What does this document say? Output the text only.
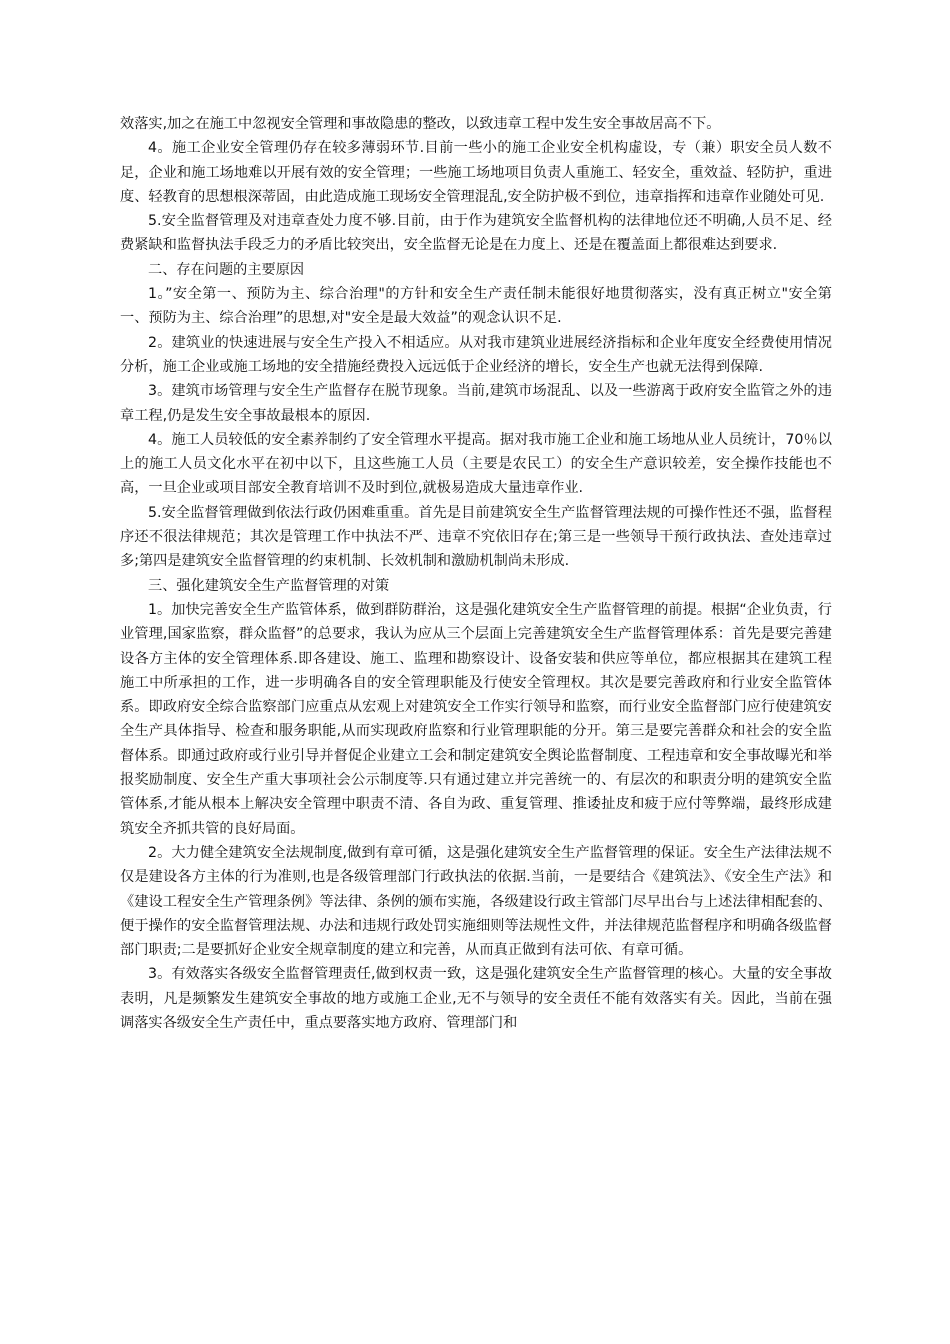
效落实,加之在施工中忽视安全管理和事故隐患的整改，以致违章工程中发生安全事故居高不下。

4。施工企业安全管理仍存在较多薄弱环节.目前一些小的施工企业安全机构虚设，专（兼）职安全员人数不足，企业和施工场地难以开展有效的安全管理；一些施工场地项目负责人重施工、轻安全，重效益、轻防护，重进度、轻教育的思想根深蒂固，由此造成施工现场安全管理混乱,安全防护极不到位，违章指挥和违章作业随处可见.

5.安全监督管理及对违章查处力度不够.目前，由于作为建筑安全监督机构的法律地位还不明确,人员不足、经费紧缺和监督执法手段乏力的矛盾比较突出，安全监督无论是在力度上、还是在覆盖面上都很难达到要求.

二、存在问题的主要原因

1。”安全第一、预防为主、综合治理"的方针和安全生产责任制未能很好地贯彻落实，没有真正树立"安全第一、预防为主、综合治理”的思想,对"安全是最大效益”的观念认识不足.

2。建筑业的快速进展与安全生产投入不相适应。从对我市建筑业进展经济指标和企业年度安全经费使用情况分析，施工企业或施工场地的安全措施经费投入远远低于企业经济的增长，安全生产也就无法得到保障.

3。建筑市场管理与安全生产监督存在脱节现象。当前,建筑市场混乱、以及一些游离于政府安全监管之外的违章工程,仍是发生安全事故最根本的原因.

4。施工人员较低的安全素养制约了安全管理水平提高。据对我市施工企业和施工场地从业人员统计，70％以上的施工人员文化水平在初中以下，且这些施工人员（主要是农民工）的安全生产意识较差，安全操作技能也不高，一旦企业或项目部安全教育培训不及时到位,就极易造成大量违章作业.

5.安全监督管理做到依法行政仍困难重重。首先是目前建筑安全生产监督管理法规的可操作性还不强，监督程序还不很法律规范；其次是管理工作中执法不严、违章不究依旧存在;第三是一些领导干预行政执法、查处违章过多;第四是建筑安全监督管理的约束机制、长效机制和激励机制尚未形成.

三、强化建筑安全生产监督管理的对策

1。加快完善安全生产监管体系，做到群防群治，这是强化建筑安全生产监督管理的前提。根据“企业负责，行业管理,国家监察，群众监督”的总要求，我认为应从三个层面上完善建筑安全生产监督管理体系：首先是要完善建设各方主体的安全管理体系.即各建设、施工、监理和勘察设计、设备安装和供应等单位，都应根据其在建筑工程施工中所承担的工作，进一步明确各自的安全管理职能及行使安全管理权。其次是要完善政府和行业安全监管体系。即政府安全综合监察部门应重点从宏观上对建筑安全工作实行领导和监察，而行业安全监督部门应行使建筑安全生产具体指导、检查和服务职能,从而实现政府监察和行业管理职能的分开。第三是要完善群众和社会的安全监督体系。即通过政府或行业引导并督促企业建立工会和制定建筑安全舆论监督制度、工程违章和安全事故曝光和举报奖励制度、安全生产重大事项社会公示制度等.只有通过建立并完善统一的、有层次的和职责分明的建筑安全监管体系,才能从根本上解决安全管理中职责不清、各自为政、重复管理、推诿扯皮和疲于应付等弊端，最终形成建筑安全齐抓共管的良好局面。

2。大力健全建筑安全法规制度,做到有章可循，这是强化建筑安全生产监督管理的保证。安全生产法律法规不仅是建设各方主体的行为准则,也是各级管理部门行政执法的依据.当前，一是要结合《建筑法》、《安全生产法》和《建设工程安全生产管理条例》等法律、条例的颁布实施，各级建设行政主管部门尽早出台与上述法律相配套的、便于操作的安全监督管理法规、办法和违规行政处罚实施细则等法规性文件，并法律规范监督程序和明确各级监督部门职责;二是要抓好企业安全规章制度的建立和完善，从而真正做到有法可依、有章可循。

3。有效落实各级安全监督管理责任,做到权责一致，这是强化建筑安全生产监督管理的核心。大量的安全事故表明，凡是频繁发生建筑安全事故的地方或施工企业,无不与领导的安全责任不能有效落实有关。因此，当前在强调落实各级安全生产责任中，重点要落实地方政府、管理部门和
